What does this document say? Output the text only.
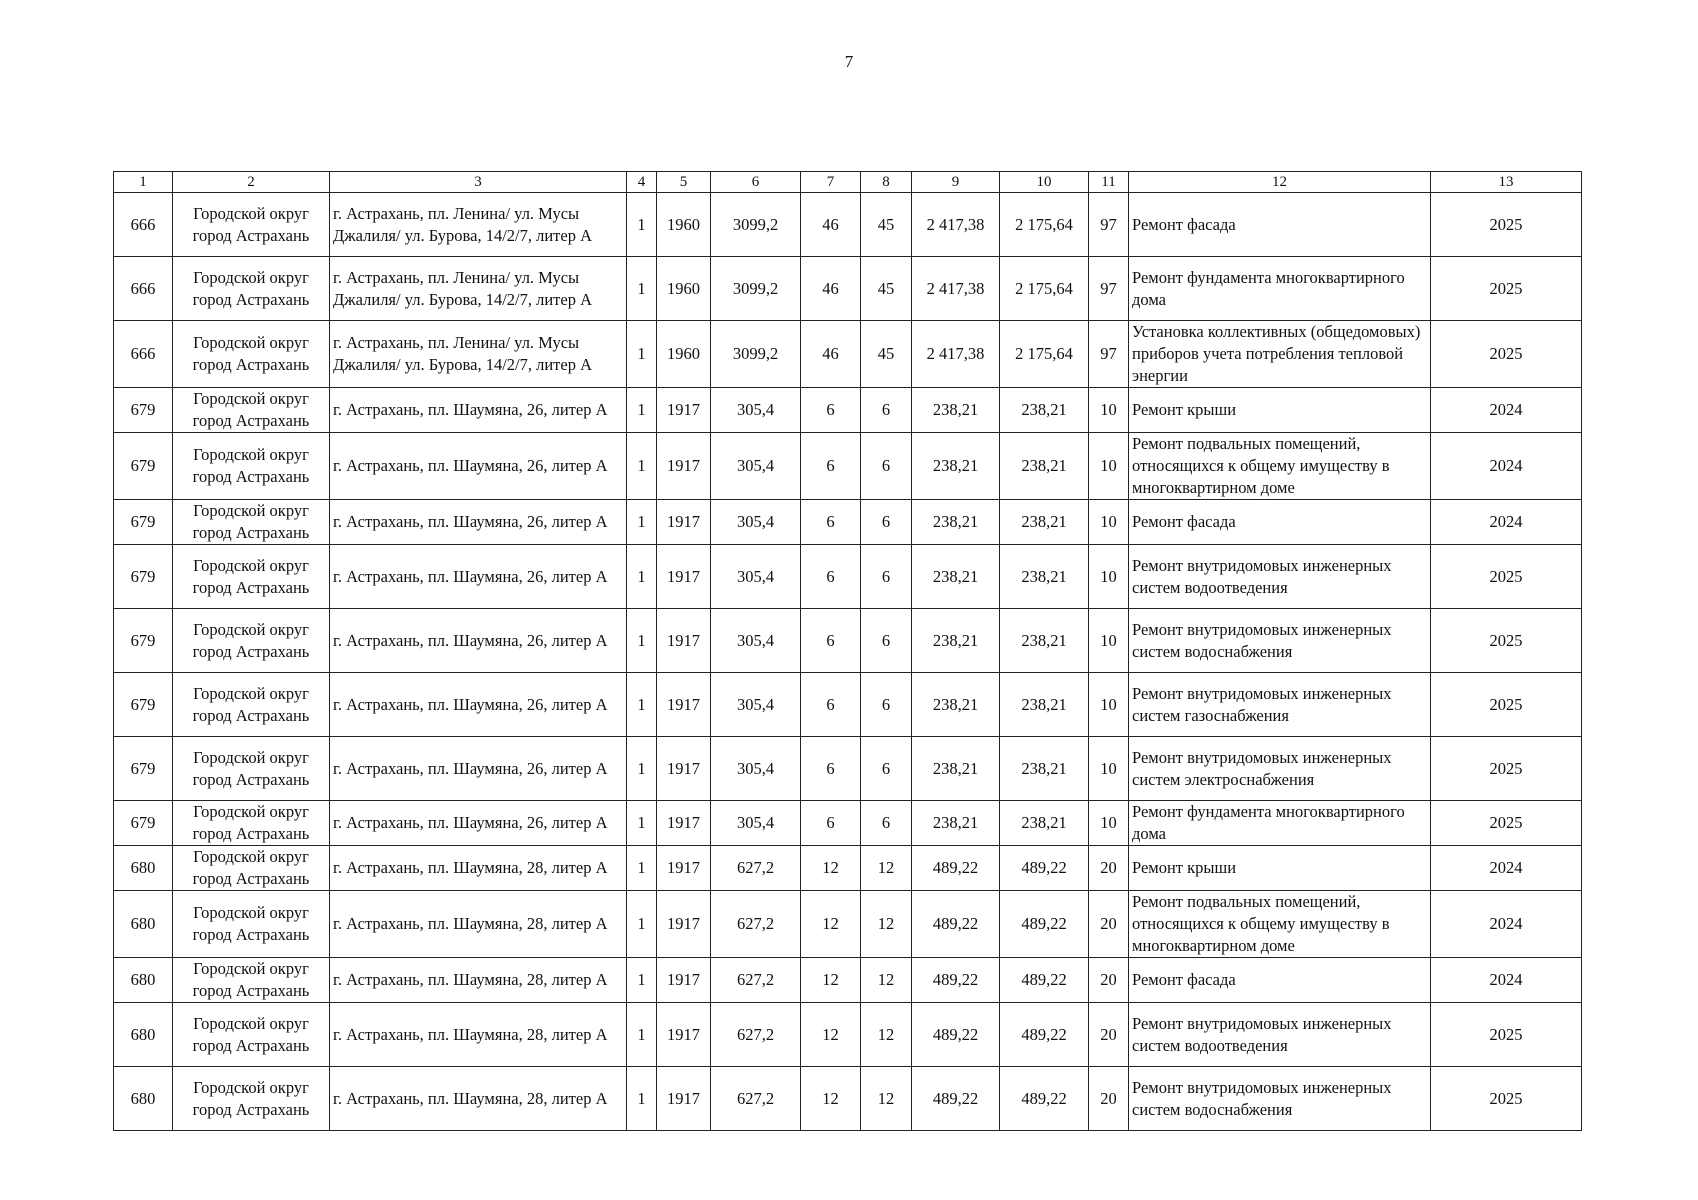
7
1	2	3	4	5	6	7	8	9	10	11	12	13
666	Городской округ город Астрахань	г. Астрахань, пл. Ленина/ ул. Мусы Джалиля/ ул. Бурова, 14/2/7, литер А	1	1960	3099,2	46	45	2 417,38	2 175,64	97	Ремонт фасада	2025
666	Городской округ город Астрахань	г. Астрахань, пл. Ленина/ ул. Мусы Джалиля/ ул. Бурова, 14/2/7, литер А	1	1960	3099,2	46	45	2 417,38	2 175,64	97	Ремонт фундамента многоквартирного дома	2025
666	Городской округ город Астрахань	г. Астрахань, пл. Ленина/ ул. Мусы Джалиля/ ул. Бурова, 14/2/7, литер А	1	1960	3099,2	46	45	2 417,38	2 175,64	97	Установка коллективных (общедомовых) приборов учета потребления тепловой энергии	2025
679	Городской округ город Астрахань	г. Астрахань, пл. Шаумяна, 26, литер А	1	1917	305,4	6	6	238,21	238,21	10	Ремонт крыши	2024
679	Городской округ город Астрахань	г. Астрахань, пл. Шаумяна, 26, литер А	1	1917	305,4	6	6	238,21	238,21	10	Ремонт подвальных помещений, относящихся к общему имуществу в многоквартирном доме	2024
679	Городской округ город Астрахань	г. Астрахань, пл. Шаумяна, 26, литер А	1	1917	305,4	6	6	238,21	238,21	10	Ремонт фасада	2024
679	Городской округ город Астрахань	г. Астрахань, пл. Шаумяна, 26, литер А	1	1917	305,4	6	6	238,21	238,21	10	Ремонт внутридомовых инженерных систем водоотведения	2025
679	Городской округ город Астрахань	г. Астрахань, пл. Шаумяна, 26, литер А	1	1917	305,4	6	6	238,21	238,21	10	Ремонт внутридомовых инженерных систем водоснабжения	2025
679	Городской округ город Астрахань	г. Астрахань, пл. Шаумяна, 26, литер А	1	1917	305,4	6	6	238,21	238,21	10	Ремонт внутридомовых инженерных систем газоснабжения	2025
679	Городской округ город Астрахань	г. Астрахань, пл. Шаумяна, 26, литер А	1	1917	305,4	6	6	238,21	238,21	10	Ремонт внутридомовых инженерных систем электроснабжения	2025
679	Городской округ город Астрахань	г. Астрахань, пл. Шаумяна, 26, литер А	1	1917	305,4	6	6	238,21	238,21	10	Ремонт фундамента многоквартирного дома	2025
680	Городской округ город Астрахань	г. Астрахань, пл. Шаумяна, 28, литер А	1	1917	627,2	12	12	489,22	489,22	20	Ремонт крыши	2024
680	Городской округ город Астрахань	г. Астрахань, пл. Шаумяна, 28, литер А	1	1917	627,2	12	12	489,22	489,22	20	Ремонт подвальных помещений, относящихся к общему имуществу в многоквартирном доме	2024
680	Городской округ город Астрахань	г. Астрахань, пл. Шаумяна, 28, литер А	1	1917	627,2	12	12	489,22	489,22	20	Ремонт фасада	2024
680	Городской округ город Астрахань	г. Астрахань, пл. Шаумяна, 28, литер А	1	1917	627,2	12	12	489,22	489,22	20	Ремонт внутридомовых инженерных систем водоотведения	2025
680	Городской округ город Астрахань	г. Астрахань, пл. Шаумяна, 28, литер А	1	1917	627,2	12	12	489,22	489,22	20	Ремонт внутридомовых инженерных систем водоснабжения	2025
